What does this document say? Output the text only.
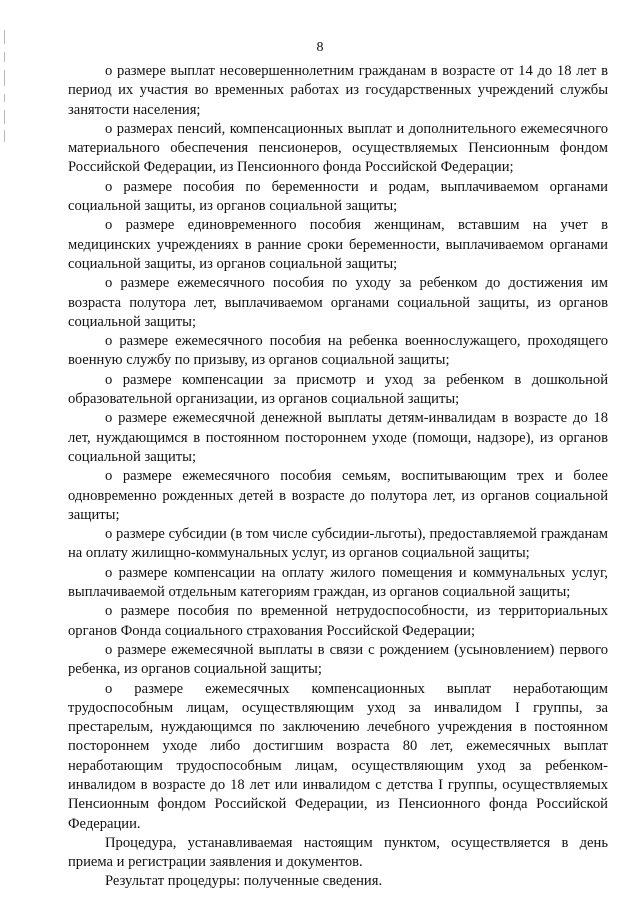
8

о размере выплат несовершеннолетним гражданам в возрасте от 14 до 18 лет в период их участия во временных работах из государственных учреждений службы занятости населения;

о размерах пенсий, компенсационных выплат и дополнительного ежемесячного материального обеспечения пенсионеров, осуществляемых Пенсионным фондом Российской Федерации, из Пенсионного фонда Российской Федерации;

о размере пособия по беременности и родам, выплачиваемом органами социальной защиты, из органов социальной защиты;

о размере единовременного пособия женщинам, вставшим на учет в медицинских учреждениях в ранние сроки беременности, выплачиваемом органами социальной защиты, из органов социальной защиты;

о размере ежемесячного пособия по уходу за ребенком до достижения им возраста полутора лет, выплачиваемом органами социальной защиты, из органов социальной защиты;

о размере ежемесячного пособия на ребенка военнослужащего, проходящего военную службу по призыву, из органов социальной защиты;

о размере компенсации за присмотр и уход за ребенком в дошкольной образовательной организации, из органов социальной защиты;

о размере ежемесячной денежной выплаты детям-инвалидам в возрасте до 18 лет, нуждающимся в постоянном постороннем уходе (помощи, надзоре), из органов социальной защиты;

о размере ежемесячного пособия семьям, воспитывающим трех и более одновременно рожденных детей в возрасте до полутора лет, из органов социальной защиты;

о размере субсидии (в том числе субсидии-льготы), предоставляемой гражданам на оплату жилищно-коммунальных услуг, из органов социальной защиты;

о размере компенсации на оплату жилого помещения и коммунальных услуг, выплачиваемой отдельным категориям граждан, из органов социальной защиты;

о размере пособия по временной нетрудоспособности, из территориальных органов Фонда социального страхования Российской Федерации;

о размере ежемесячной выплаты в связи с рождением (усыновлением) первого ребенка, из органов социальной защиты;

о размере ежемесячных компенсационных выплат неработающим трудоспособным лицам, осуществляющим уход за инвалидом I группы, за престарелым, нуждающимся по заключению лечебного учреждения в постоянном постороннем уходе либо достигшим возраста 80 лет, ежемесячных выплат неработающим трудоспособным лицам, осуществляющим уход за ребенком-инвалидом в возрасте до 18 лет или инвалидом с детства I группы, осуществляемых Пенсионным фондом Российской Федерации, из Пенсионного фонда Российской Федерации.

Процедура, устанавливаемая настоящим пунктом, осуществляется в день приема и регистрации заявления и документов.

Результат процедуры: полученные сведения.
